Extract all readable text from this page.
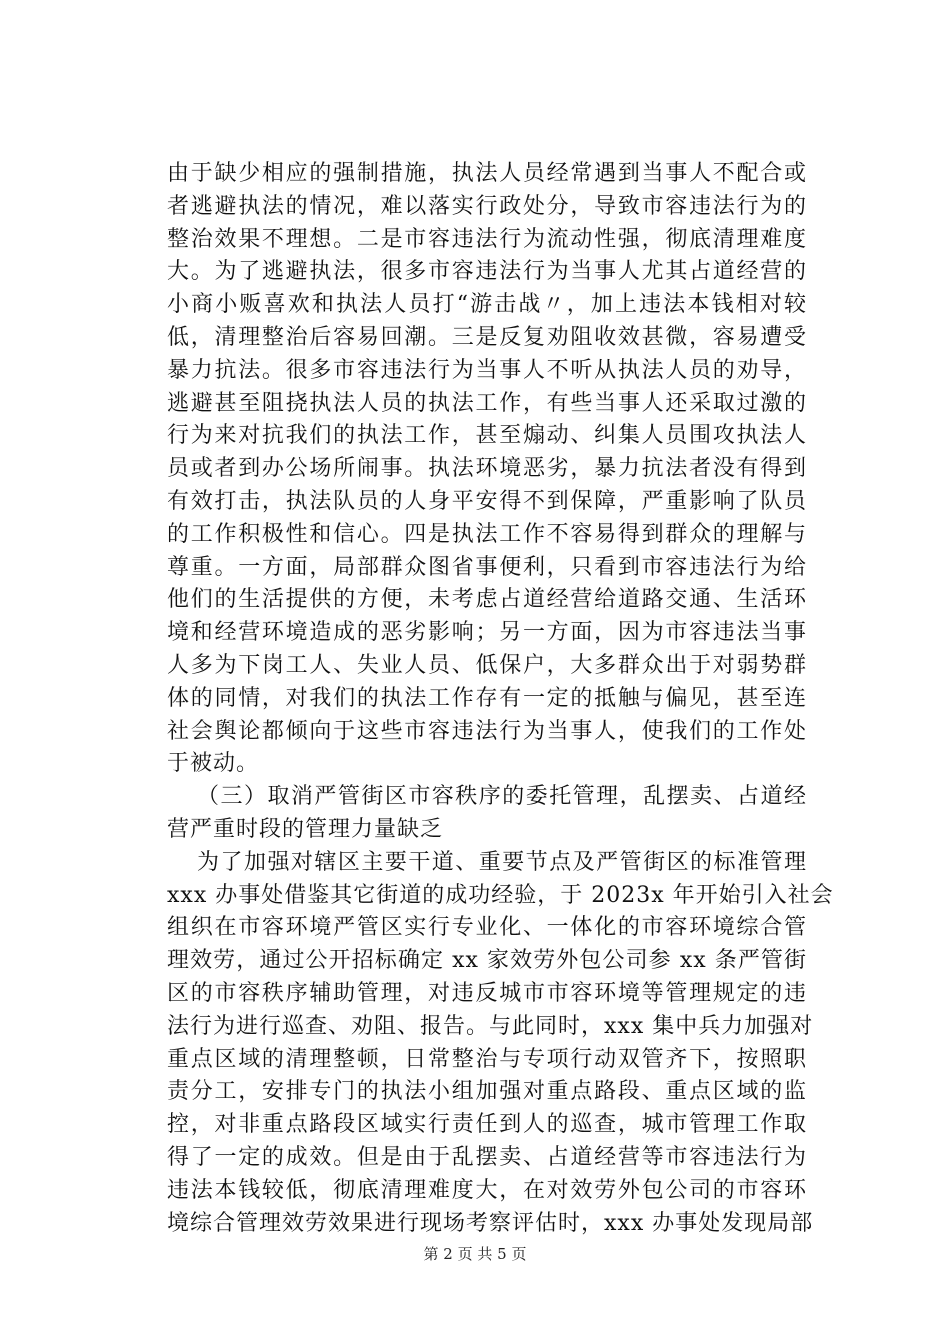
由于缺少相应的强制措施，执法人员经常遇到当事人不配合或
者逃避执法的情况，难以落实行政处分，导致市容违法行为的
整治效果不理想。二是市容违法行为流动性强，彻底清理难度
大。为了逃避执法，很多市容违法行为当事人尤其占道经营的
小商小贩喜欢和执法人员打“游击战〃，加上违法本钱相对较
低，清理整治后容易回潮。三是反复劝阻收效甚微，容易遭受
暴力抗法。很多市容违法行为当事人不听从执法人员的劝导，
逃避甚至阻挠执法人员的执法工作，有些当事人还采取过激的
行为来对抗我们的执法工作，甚至煽动、纠集人员围攻执法人
员或者到办公场所闹事。执法环境恶劣，暴力抗法者没有得到
有效打击，执法队员的人身平安得不到保障，严重影响了队员
的工作积极性和信心。四是执法工作不容易得到群众的理解与
尊重。一方面，局部群众图省事便利，只看到市容违法行为给
他们的生活提供的方便，未考虑占道经营给道路交通、生活环
境和经营环境造成的恶劣影响；另一方面，因为市容违法当事
人多为下岗工人、失业人员、低保户，大多群众出于对弱势群
体的同情，对我们的执法工作存有一定的抵触与偏见，甚至连
社会舆论都倾向于这些市容违法行为当事人，使我们的工作处
于被动。
（三）取消严管街区市容秩序的委托管理，乱摆卖、占道经
营严重时段的管理力量缺乏
为了加强对辖区主要干道、重要节点及严管街区的标准管理
xxx 办事处借鉴其它街道的成功经验，于 2023x 年开始引入社会
组织在市容环境严管区实行专业化、一体化的市容环境综合管
理效劳，通过公开招标确定 xx 家效劳外包公司参 xx 条严管街
区的市容秩序辅助管理，对违反城市市容环境等管理规定的违
法行为进行巡查、劝阻、报告。与此同时，xxx 集中兵力加强对
重点区域的清理整顿，日常整治与专项行动双管齐下，按照职
责分工，安排专门的执法小组加强对重点路段、重点区域的监
控，对非重点路段区域实行责任到人的巡查，城市管理工作取
得了一定的成效。但是由于乱摆卖、占道经营等市容违法行为
违法本钱较低，彻底清理难度大，在对效劳外包公司的市容环
境综合管理效劳效果进行现场考察评估时，xxx 办事处发现局部
第 2 页 共 5 页
